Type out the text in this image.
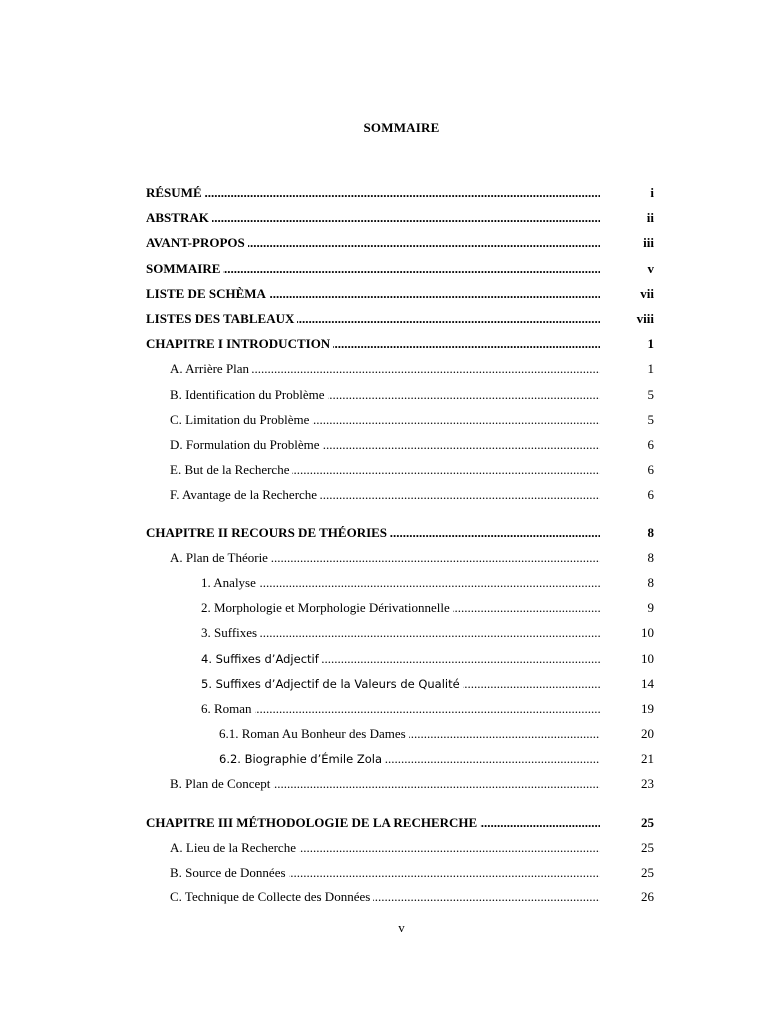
SOMMAIRE
RÉSUMÉ .....	i
ABSTRAK .....	ii
AVANT-PROPOS .....	iii
SOMMAIRE .....	v
LISTE DE SCHÈMA .....	vii
LISTES DES TABLEAUX .....	viii
CHAPITRE I INTRODUCTION .....	1
A. Arrière Plan .....	1
B. Identification du Problème .....	5
C. Limitation du Problème .....	5
D. Formulation du Problème .....	6
E. But de la Recherche .....	6
F. Avantage de la Recherche .....	6
CHAPITRE II RECOURS DE THÉORIES .....	8
A. Plan de Théorie .....	8
1. Analyse .....	8
2. Morphologie et Morphologie Dérivationnelle .....	9
3. Suffixes .....	10
4. Suffixes d’Adjectif .....	10
5. Suffixes d’Adjectif de la Valeurs de Qualité .....	14
6. Roman .....	19
6.1. Roman Au Bonheur des Dames .....	20
6.2. Biographie d’Émile Zola .....	21
B. Plan de Concept .....	23
CHAPITRE III MÉTHODOLOGIE DE LA RECHERCHE .....	25
A. Lieu de la Recherche .....	25
B. Source de Données .....	25
C. Technique de Collecte des Données .....	26
v
